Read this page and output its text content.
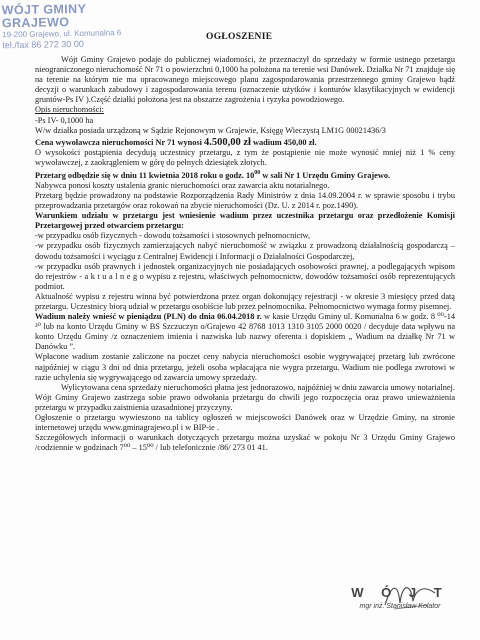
WÓJT GMINY GRAJEWO
19-200 Grajewo, ul. Komunalna 6
tel./fax 86 272 30 00
OGŁOSZENIE

Wójt Gminy Grajewo podaje do publicznej wiadomości, że przeznaczył do sprzedaży w formie ustnego przetargu nieograniczonego nieruchomość Nr 71 o powierzchni 0,1000 ha położona na terenie wsi Danówek. Działka Nr 71 znajduje się na terenie na którym nie ma opracowanego miejscowego planu zagospodarowania przestrzennego gminy Grajewo bądź decyzji o warunkach zabudowy i zagospodarowania terenu (oznaczenie użytków i konturów klasyfikacyjnych w ewidencji gruntów-Ps IV ).Część działki położona jest na obszarze zagrożenia i ryzyka powodziowego.

Opis nieruchomości:

-Ps IV- 0,1000 ha

W/w działka posiada urządzoną w Sądzie Rejonowym w Grajewie, Księgę Wieczystą LM1G 00021436/3

Cena wywoławcza nieruchomości Nr 71 wynosi 4.500,00 zł wadium 450,00 zł.

O wysokości postąpienia decydują uczestnicy przetargu, z tym że postąpienie nie może wynosić mniej niż 1 % ceny wywoławczej, z zaokrągleniem w górę do pełnych dziesiątek złotych.

Przetarg odbędzie się w dniu 11 kwietnia 2018 roku o godz. $10^{00}$ w sali Nr 1 Urzędu Gminy Grajewo.

Nabywca ponosi koszty ustalenia granic nieruchomości oraz zawarcia aktu notarialnego.

Przetarg będzie prowadzony na podstawie Rozporządzenia Rady Ministrów z dnia 14.09.2004 r. w sprawie sposobu i trybu przeprowadzania przetargów oraz rokowań na zbycie nieruchomości (Dz. U. z 2014 r. poz.1490).

Warunkiem udziału w przetargu jest wniesienie wadium przez uczestnika przetargu oraz przedłożenie Komisji Przetargowej przed otwarciem przetargu:

-w przypadku osób fizycznych - dowodu tożsamości i stosownych pełnomocnictw,

-w przypadku osób fizycznych zamierzających nabyć nieruchomość w związku z prowadzoną działalnością gospodarczą – dowodu tożsamości i wyciągu z Centralnej Ewidencji i Informacji o Działalności Gospodarczej,

-w przypadku osób prawnych i jednostek organizacyjnych nie posiadających osobowości prawnej, a podlegających wpisom do rejestrów - a k t u a l n e g o wypisu z rejestru, właściwych pełnomocnictw, dowodów tożsamości osób reprezentujących podmiot.

Aktualność wypisu z rejestru winna być potwierdzona przez organ dokonujący rejestracji - w okresie 3 miesięcy przed datą przetargu. Uczestnicy biorą udział w przetargu osobiście lub przez pełnomocnika. Pełnomocnictwo wymaga formy pisemnej.

Wadium należy wnieść w pieniądzu (PLN) do dnia 06.04.2018 r. w kasie Urzędu Gminy ul. Komunalna 6 w godz. 8 ⁰⁰-14 ³⁰ lub na konto Urzędu Gminy w BS Szczuczyn o/Grajewo 42 8768 1013 1310 3105 2000 0020 / decyduje data wpływu na konto Urzędu Gminy /z oznaczeniem imienia i nazwiska lub nazwy oferenta i dopiskiem „ Wadium na działkę Nr 71 w Danówku ”.

Wpłacone wadium zostanie zaliczone na poczet ceny nabycia nieruchomości osobie wygrywającej przetarg lub zwrócone najpóźniej w ciągu 3 dni od dnia przetargu, jeżeli osoba wpłacająca nie wygra przetargu. Wadium nie podlega zwrotowi w razie uchylenia się wygrywającego od zawarcia umowy sprzedaży.

Wylicytowana cena sprzedaży nieruchomości płatna jest jednorazowo, najpóźniej w dniu zawarcia umowy notarialnej.

Wójt Gminy Grajewo zastrzega sobie prawo odwołania przetargu do chwili jego rozpoczęcia oraz prawo unieważnienia przetargu w przypadku zaistnienia uzasadnionej przyczyny.

Ogłoszenie o przetargu wywieszono na tablicy ogłoszeń w miejscowości Danówek oraz w Urzędzie Gminy, na stronie internetowej urzędu www.gminagrajewo.pl i w BIP-ie .

Szczegółowych informacji o warunkach dotyczących przetargu można uzyskać w pokoju Nr 3 Urzędu Gminy Grajewo /codziennie w godzinach 7⁰⁰ – 15⁰⁰ / lub telefonicznie /86/ 273 01 41.

W Ó J T
mgr inż. Stanisław Kolator
